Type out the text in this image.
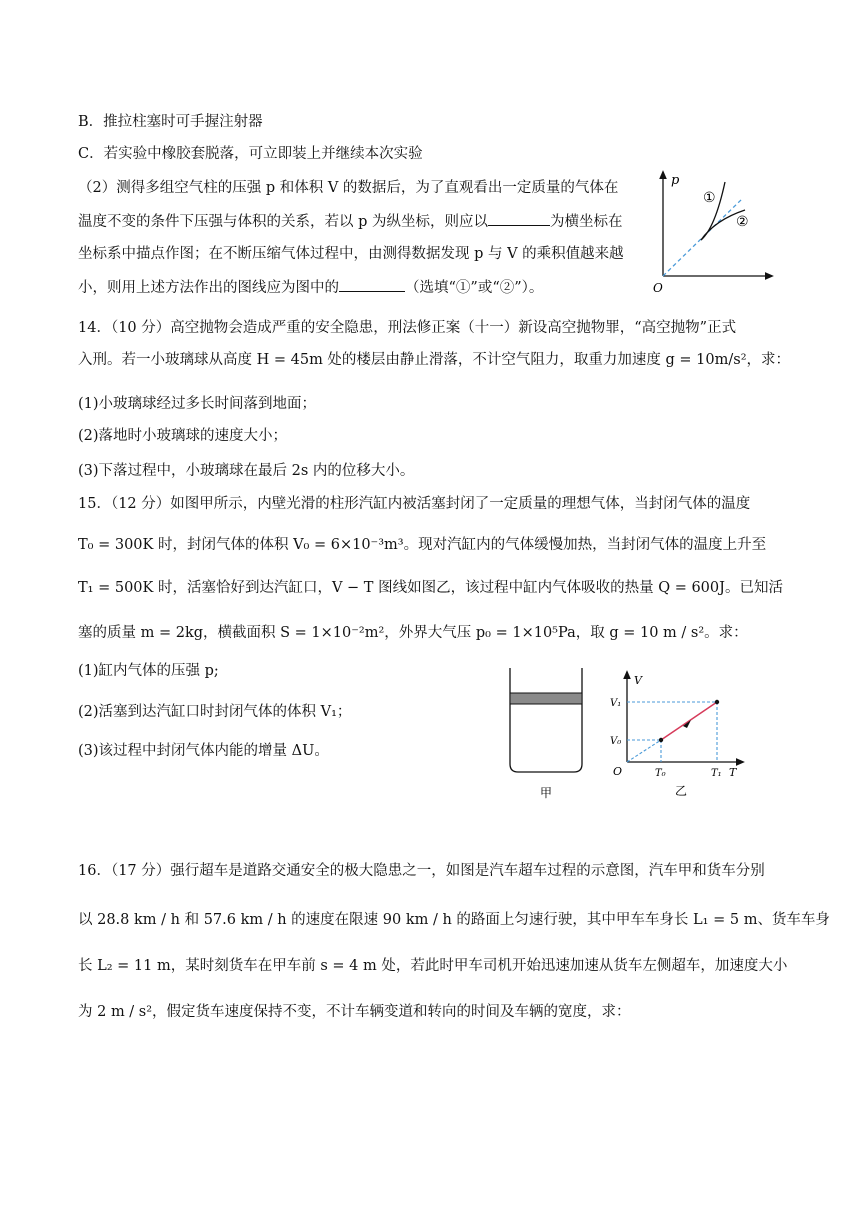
B．推拉柱塞时可手握注射器
C．若实验中橡胶套脱落，可立即装上并继续本次实验
（2）测得多组空气柱的压强 p 和体积 V 的数据后，为了直观看出一定质量的气体在
温度不变的条件下压强与体积的关系，若以 p 为纵坐标，则应以	为横坐标在
坐标系中描点作图；在不断压缩气体过程中，由测得数据发现 p 与 V 的乘积值越来越
小，则用上述方法作出的图线应为图中的	（选填“①”或“②”）。
p
O
①
②
14．（10 分）高空抛物会造成严重的安全隐患，刑法修正案（十一）新设高空抛物罪，“高空抛物”正式
入刑。若一小玻璃球从高度 H = 45m 处的楼层由静止滑落，不计空气阻力，取重力加速度 g = 10m/s²，求：
(1)小玻璃球经过多长时间落到地面；
(2)落地时小玻璃球的速度大小；
(3)下落过程中，小玻璃球在最后 2s 内的位移大小。
15．（12 分）如图甲所示，内壁光滑的柱形汽缸内被活塞封闭了一定质量的理想气体，当封闭气体的温度
T₀ = 300K 时，封闭气体的体积 V₀ = 6×10⁻³m³。现对汽缸内的气体缓慢加热，当封闭气体的温度上升至
T₁ = 500K 时，活塞恰好到达汽缸口，V − T 图线如图乙，该过程中缸内气体吸收的热量 Q = 600J。已知活
塞的质量 m = 2kg，横截面积 S = 1×10⁻²m²，外界大气压 p₀ = 1×10⁵Pa，取 g = 10 m / s²。求：
(1)缸内气体的压强 p;
(2)活塞到达汽缸口时封闭气体的体积 V₁；
(3)该过程中封闭气体内能的增量 ΔU。
甲
V
T
O
V₁
V₀
T₀	T₁
乙
16．（17 分）强行超车是道路交通安全的极大隐患之一，如图是汽车超车过程的示意图，汽车甲和货车分别
以 28.8 km / h 和 57.6 km / h 的速度在限速 90 km / h 的路面上匀速行驶，其中甲车车身长 L₁ = 5 m、货车车身
长 L₂ = 11 m，某时刻货车在甲车前 s = 4 m 处，若此时甲车司机开始迅速加速从货车左侧超车，加速度大小
为 2 m / s²，假定货车速度保持不变，不计车辆变道和转向的时间及车辆的宽度，求：
